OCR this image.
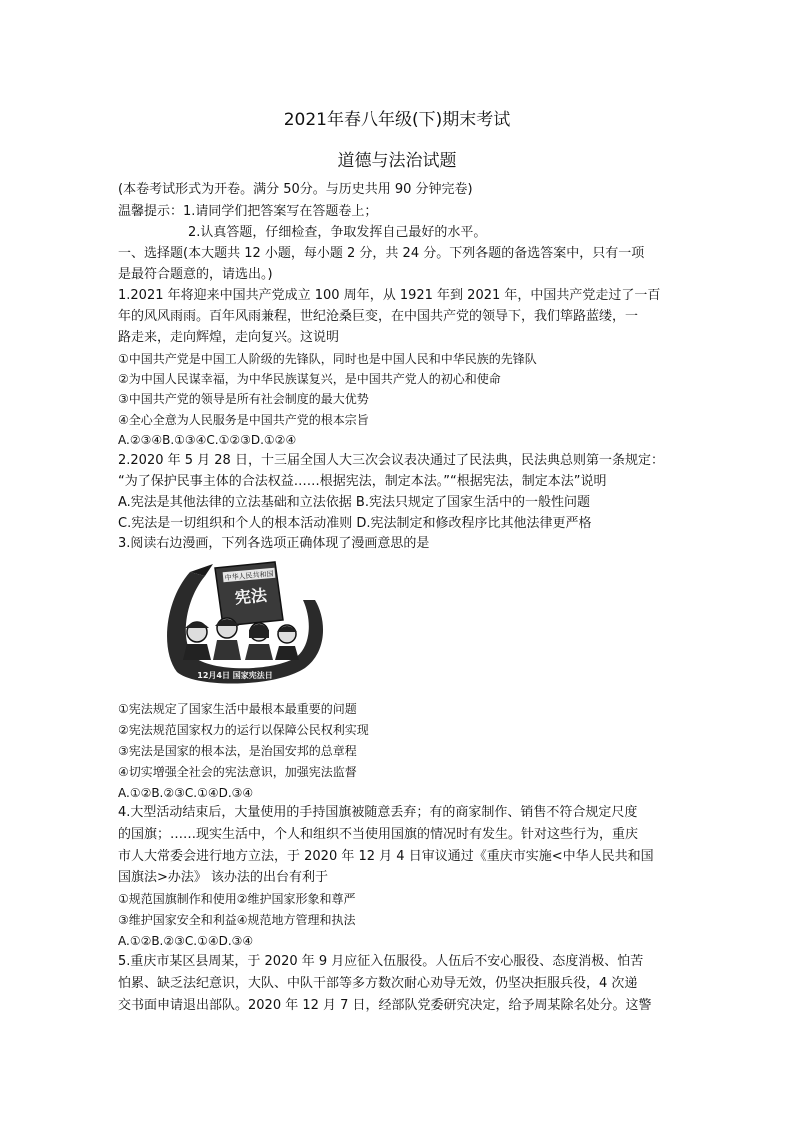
2021年春八年级(下)期末考试
道德与法治试题
(本卷考试形式为开卷。满分 50分。与历史共用 90 分钟完卷)
温馨提示：1.请同学们把答案写在答题卷上；
2.认真答题，仔细检查，争取发挥自己最好的水平。
一、选择题(本大题共 12 小题，每小题 2 分，共 24 分。下列各题的备选答案中，只有一项
是最符合题意的，请选出。)
1.2021 年将迎来中国共产党成立 100 周年，从 1921 年到 2021 年，中国共产党走过了一百
年的风风雨雨。百年风雨兼程，世纪沧桑巨变，在中国共产党的领导下，我们筚路蓝缕，一
路走来，走向辉煌，走向复兴。这说明
①中国共产党是中国工人阶级的先锋队，同时也是中国人民和中华民族的先锋队
②为中国人民谋幸福，为中华民族谋复兴，是中国共产党人的初心和使命
③中国共产党的领导是所有社会制度的最大优势
④全心全意为人民服务是中国共产党的根本宗旨
A.②③④B.①③④C.①②③D.①②④
2.2020 年 5 月 28 日，十三届全国人大三次会议表决通过了民法典，民法典总则第一条规定：
“为了保护民事主体的合法权益……根据宪法，制定本法。”“根据宪法，制定本法”说明
A.宪法是其他法律的立法基础和立法依据 B.宪法只规定了国家生活中的一般性问题
C.宪法是一切组织和个人的根本活动准则 D.宪法制定和修改程序比其他法律更严格
3.阅读右边漫画，下列各选项正确体现了漫画意思的是
中华人民共和国
宪法
12月4日 国家宪法日
①宪法规定了国家生活中最根本最重要的问题
②宪法规范国家权力的运行以保障公民权利实现
③宪法是国家的根本法，是治国安邦的总章程
④切实增强全社会的宪法意识，加强宪法监督
A.①②B.②③C.①④D.③④
4.大型活动结束后，大量使用的手持国旗被随意丢弃；有的商家制作、销售不符合规定尺度
的国旗；……现实生活中，个人和组织不当使用国旗的情况时有发生。针对这些行为，重庆
市人大常委会进行地方立法，于 2020 年 12 月 4 日审议通过《重庆市实施<中华人民共和国
国旗法>办法》 该办法的出台有利于
①规范国旗制作和使用②维护国家形象和尊严
③维护国家安全和利益④规范地方管理和执法
A.①②B.②③C.①④D.③④
5.重庆市某区县周某，于 2020 年 9 月应征入伍服役。人伍后不安心服役、态度消极、怕苦
怕累、缺乏法纪意识，大队、中队干部等多方数次耐心劝导无效，仍坚决拒服兵役，4 次递
交书面申请退出部队。2020 年 12 月 7 日，经部队党委研究决定，给予周某除名处分。这警
